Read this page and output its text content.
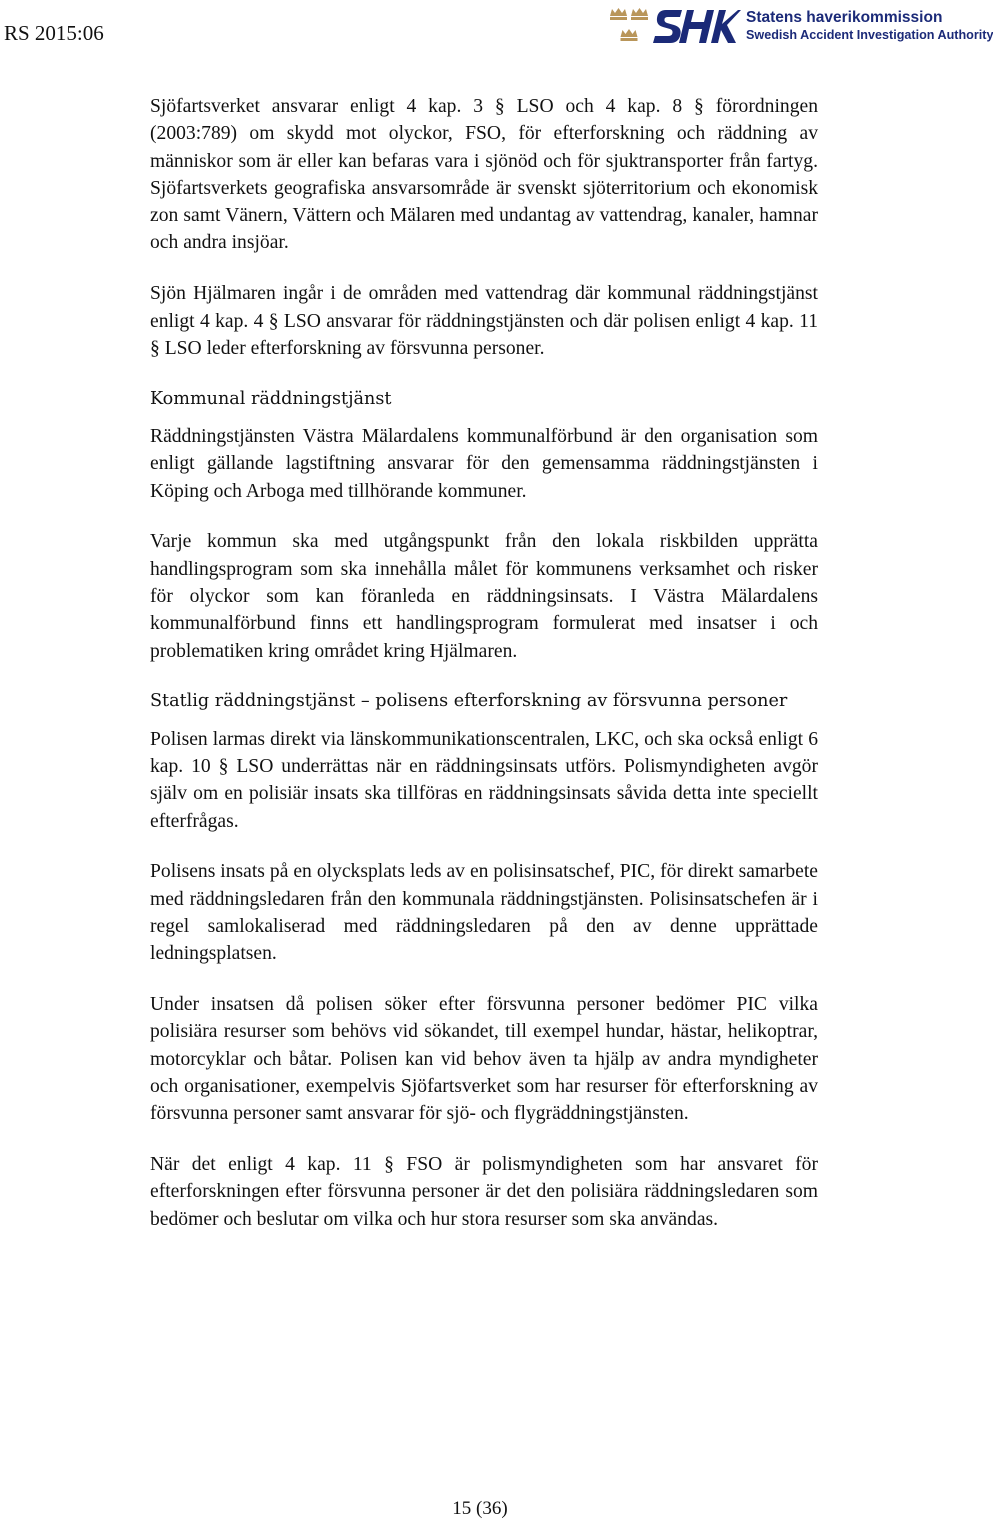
RS 2015:06
Statens haverikommission
Swedish Accident Investigation Authority

Sjöfartsverket ansvarar enligt 4 kap. 3 § LSO och 4 kap. 8 § förordningen (2003:789) om skydd mot olyckor, FSO, för efterforskning och räddning av människor som är eller kan befaras vara i sjönöd och för sjuktransporter från fartyg. Sjöfartsverkets geografiska ansvarsområde är svenskt sjöterritorium och ekonomisk zon samt Vänern, Vättern och Mälaren med undantag av vattendrag, kanaler, hamnar och andra insjöar.

Sjön Hjälmaren ingår i de områden med vattendrag där kommunal räddningstjänst enligt 4 kap. 4 § LSO ansvarar för räddningstjänsten och där polisen enligt 4 kap. 11 § LSO leder efterforskning av försvunna personer.

Kommunal räddningstjänst

Räddningstjänsten Västra Mälardalens kommunalförbund är den organisation som enligt gällande lagstiftning ansvarar för den gemensamma räddningstjänsten i Köping och Arboga med tillhörande kommuner.

Varje kommun ska med utgångspunkt från den lokala riskbilden upprätta handlingsprogram som ska innehålla målet för kommunens verksamhet och risker för olyckor som kan föranleda en räddningsinsats. I Västra Mälardalens kommunalförbund finns ett handlingsprogram formulerat med insatser i och problematiken kring området kring Hjälmaren.

Statlig räddningstjänst – polisens efterforskning av försvunna personer

Polisen larmas direkt via länskommunikationscentralen, LKC, och ska också enligt 6 kap. 10 § LSO underrättas när en räddningsinsats utförs. Polismyndigheten avgör själv om en polisiär insats ska tillföras en räddningsinsats såvida detta inte speciellt efterfrågas.

Polisens insats på en olycksplats leds av en polisinsatschef, PIC, för direkt samarbete med räddningsledaren från den kommunala räddningstjänsten. Polisinsatschefen är i regel samlokaliserad med räddningsledaren på den av denne upprättade ledningsplatsen.

Under insatsen då polisen söker efter försvunna personer bedömer PIC vilka polisiära resurser som behövs vid sökandet, till exempel hundar, hästar, helikoptrar, motorcyklar och båtar. Polisen kan vid behov även ta hjälp av andra myndigheter och organisationer, exempelvis Sjöfartsverket som har resurser för efterforskning av försvunna personer samt ansvarar för sjö- och flygräddningstjänsten.

När det enligt 4 kap. 11 § FSO är polismyndigheten som har ansvaret för efterforskningen efter försvunna personer är det den polisiära räddningsledaren som bedömer och beslutar om vilka och hur stora resurser som ska användas.

15 (36)
